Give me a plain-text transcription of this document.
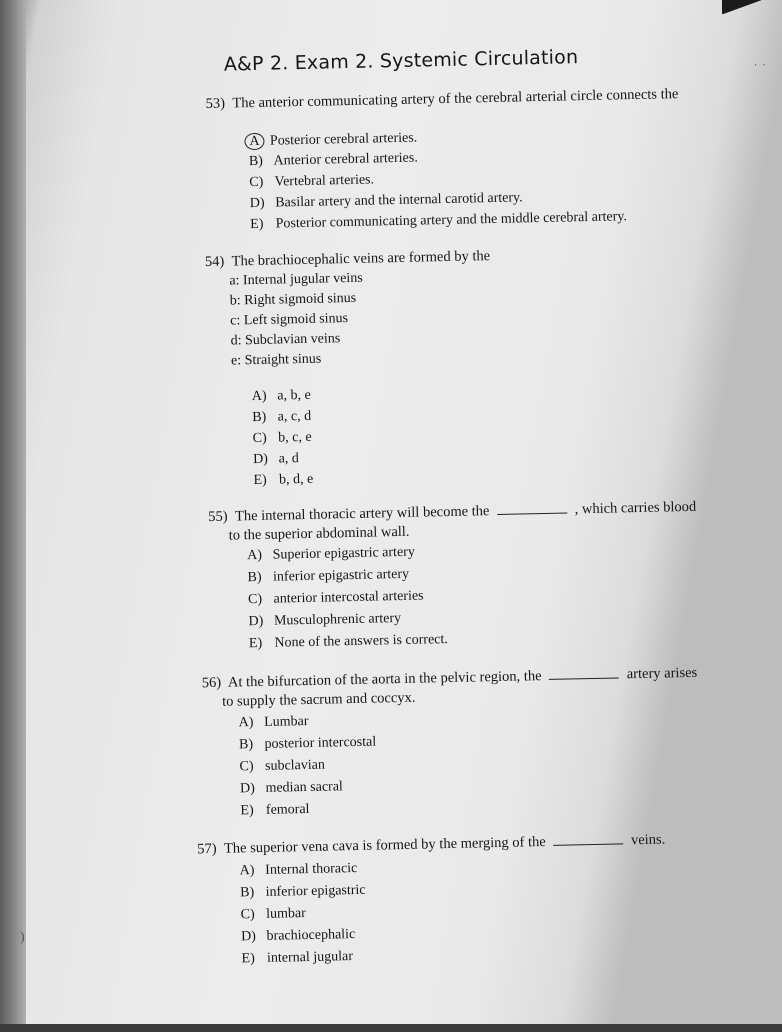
A&P 2. Exam 2. Systemic Circulation
53) The anterior communicating artery of the cerebral arterial circle connects the
A Posterior cerebral arteries.
B) Anterior cerebral arteries.
C) Vertebral arteries.
D) Basilar artery and the internal carotid artery.
E) Posterior communicating artery and the middle cerebral artery.
54) The brachiocephalic veins are formed by the
a: Internal jugular veins
b: Right sigmoid sinus
c: Left sigmoid sinus
d: Subclavian veins
e: Straight sinus
A) a, b, e
B) a, c, d
C) b, c, e
D) a, d
E) b, d, e
55) The internal thoracic artery will become the	, which carries blood
to the superior abdominal wall.
A) Superior epigastric artery
B) inferior epigastric artery
C) anterior intercostal arteries
D) Musculophrenic artery
E) None of the answers is correct.
56) At the bifurcation of the aorta in the pelvic region, the	artery arises
to supply the sacrum and coccyx.
A) Lumbar
B) posterior intercostal
C) subclavian
D) median sacral
E) femoral
57) The superior vena cava is formed by the merging of the	veins.
A) Internal thoracic
B) inferior epigastric
C) lumbar
D) brachiocephalic
E) internal jugular
·  ·
)
